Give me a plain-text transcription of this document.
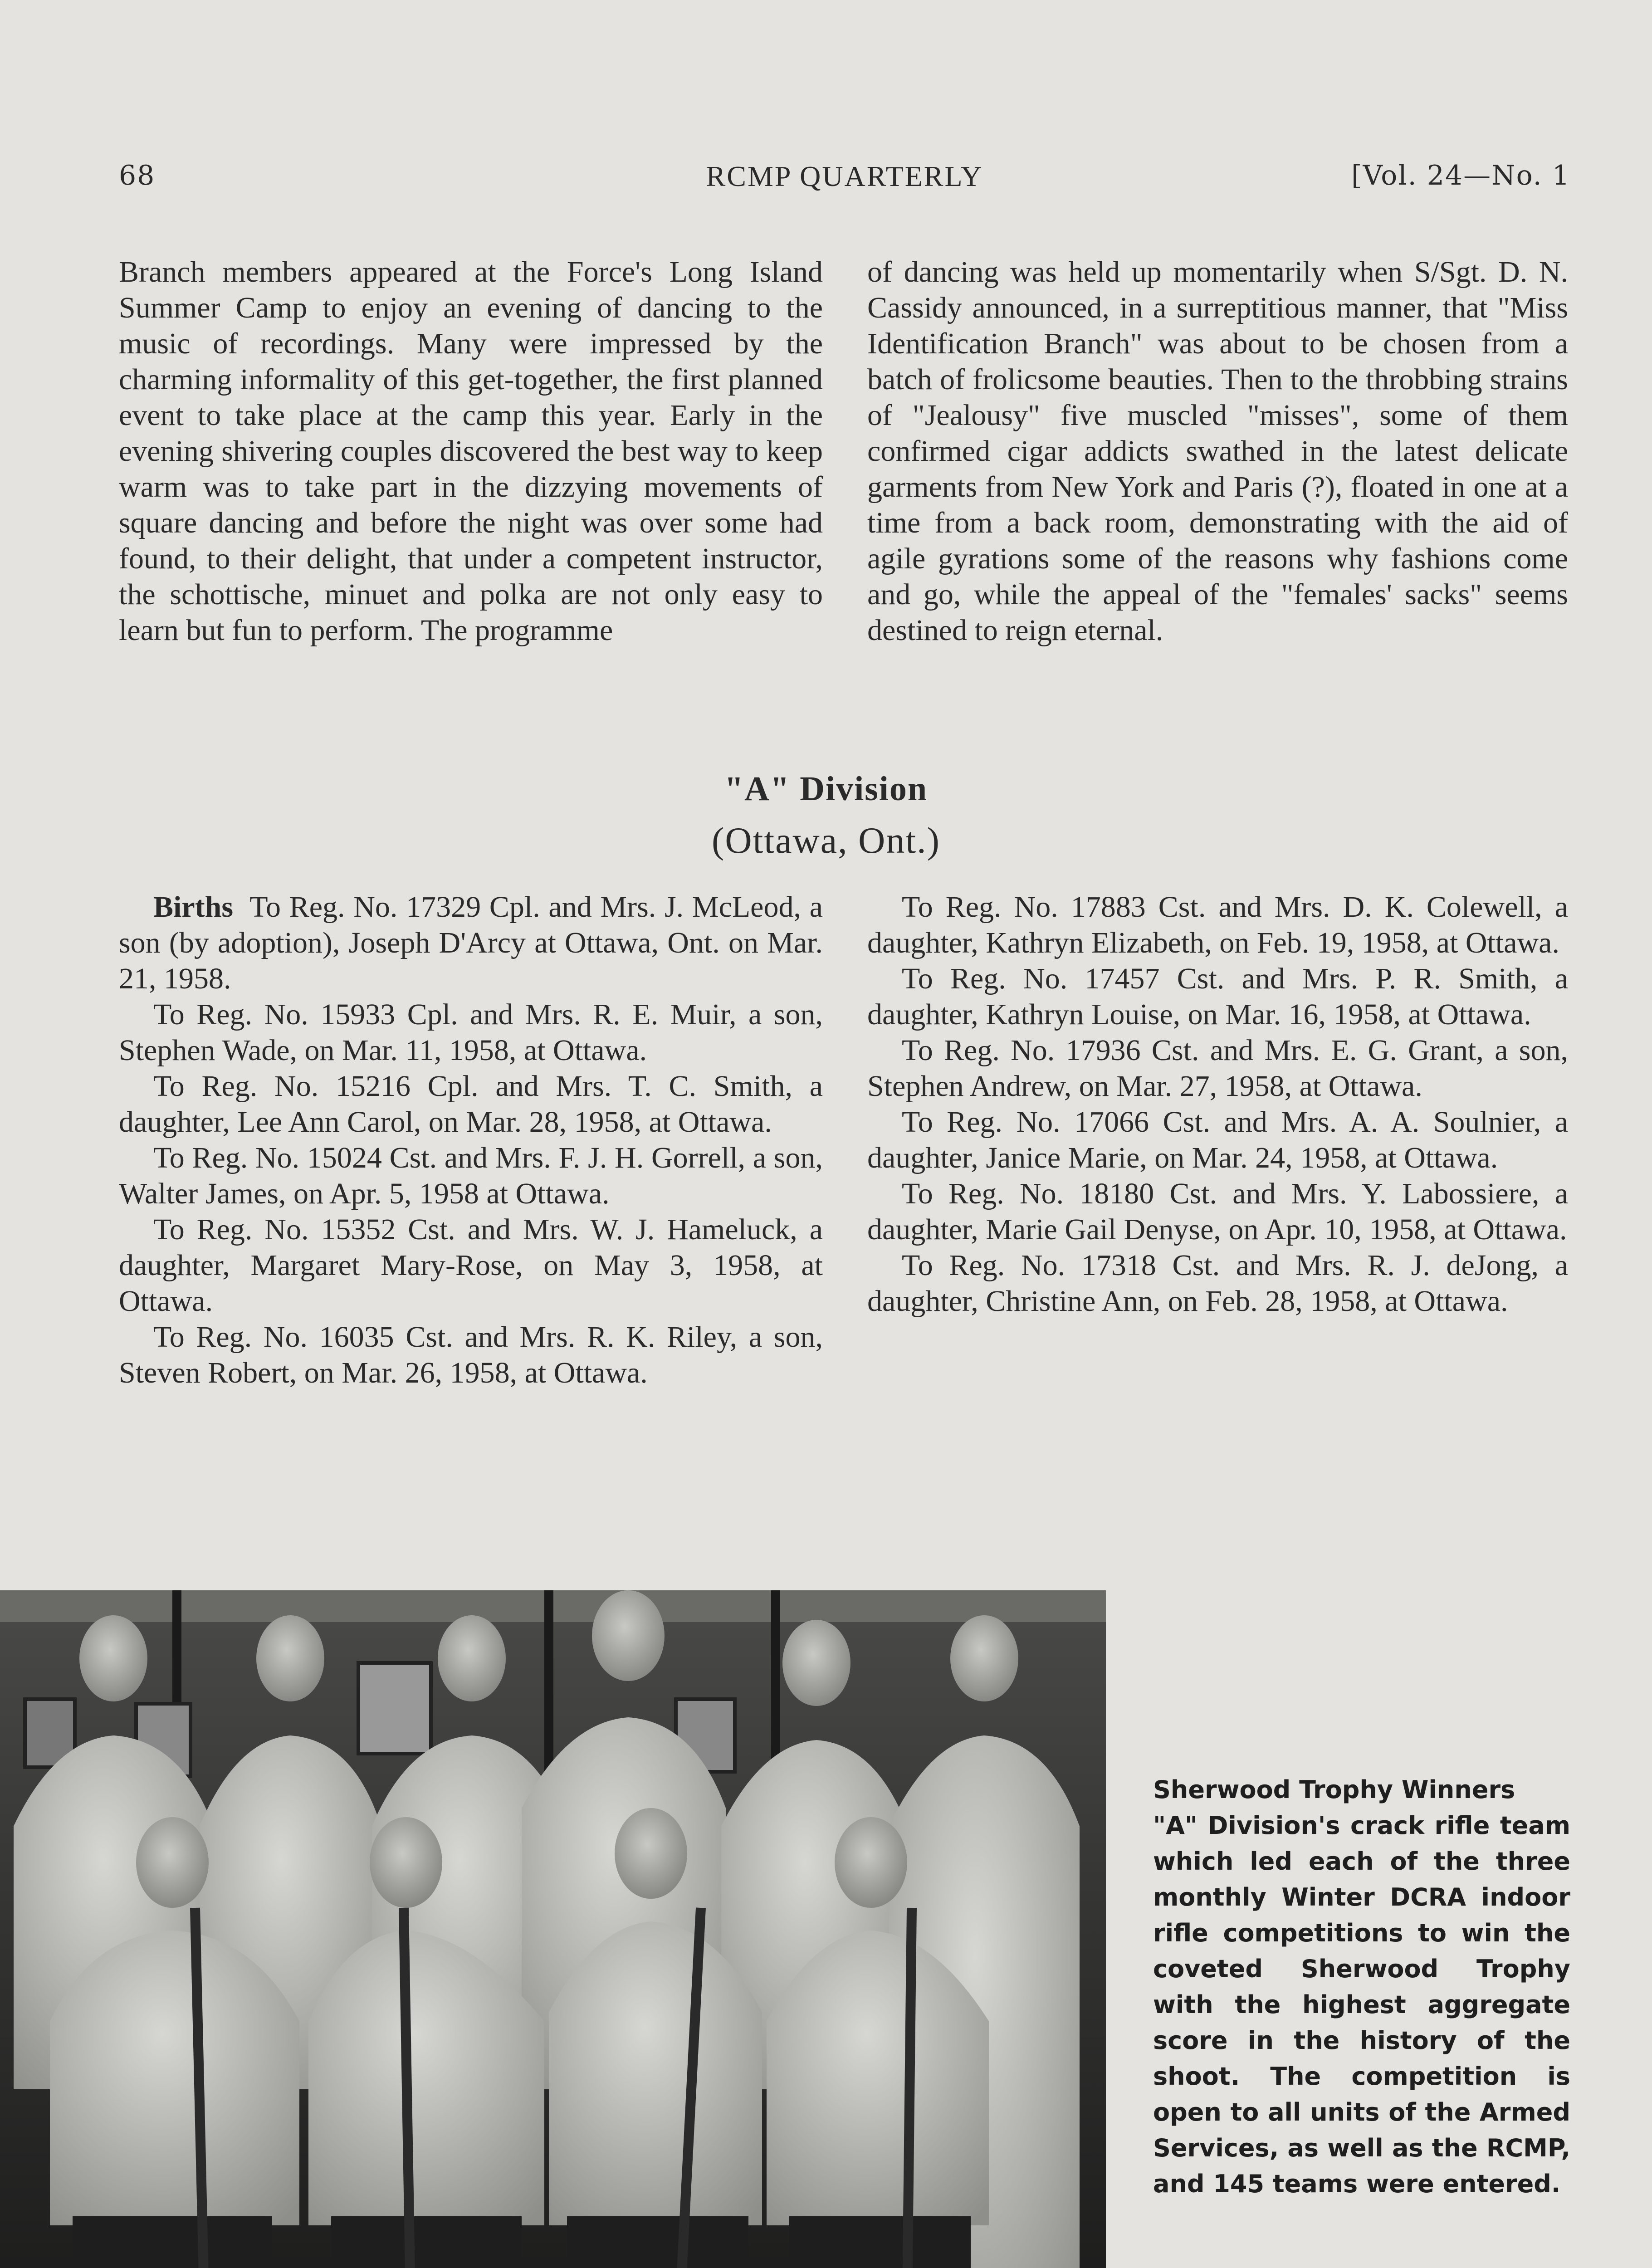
68	RCMP QUARTERLY	[Vol. 24—No. 1

Branch members appeared at the Force's Long Island Summer Camp to enjoy an evening of dancing to the music of recordings. Many were impressed by the charming informality of this get-together, the first planned event to take place at the camp this year. Early in the evening shivering couples discovered the best way to keep warm was to take part in the dizzying movements of square dancing and before the night was over some had found, to their delight, that under a competent instructor, the schottische, minuet and polka are not only easy to learn but fun to perform. The programme

of dancing was held up momentarily when S/Sgt. D. N. Cassidy announced, in a surreptitious manner, that "Miss Identification Branch" was about to be chosen from a batch of frolicsome beauties. Then to the throbbing strains of "Jealousy" five muscled "misses", some of them confirmed cigar addicts swathed in the latest delicate garments from New York and Paris (?), floated in one at a time from a back room, demonstrating with the aid of agile gyrations some of the reasons why fashions come and go, while the appeal of the "females' sacks" seems destined to reign eternal.

"A" Division
(Ottawa, Ont.)

Births To Reg. No. 17329 Cpl. and Mrs. J. McLeod, a son (by adoption), Joseph D'Arcy at Ottawa, Ont. on Mar. 21, 1958.

To Reg. No. 15933 Cpl. and Mrs. R. E. Muir, a son, Stephen Wade, on Mar. 11, 1958, at Ottawa.

To Reg. No. 15216 Cpl. and Mrs. T. C. Smith, a daughter, Lee Ann Carol, on Mar. 28, 1958, at Ottawa.

To Reg. No. 15024 Cst. and Mrs. F. J. H. Gorrell, a son, Walter James, on Apr. 5, 1958 at Ottawa.

To Reg. No. 15352 Cst. and Mrs. W. J. Hameluck, a daughter, Margaret Mary-Rose, on May 3, 1958, at Ottawa.

To Reg. No. 16035 Cst. and Mrs. R. K. Riley, a son, Steven Robert, on Mar. 26, 1958, at Ottawa.

To Reg. No. 17883 Cst. and Mrs. D. K. Colewell, a daughter, Kathryn Elizabeth, on Feb. 19, 1958, at Ottawa.

To Reg. No. 17457 Cst. and Mrs. P. R. Smith, a daughter, Kathryn Louise, on Mar. 16, 1958, at Ottawa.

To Reg. No. 17936 Cst. and Mrs. E. G. Grant, a son, Stephen Andrew, on Mar. 27, 1958, at Ottawa.

To Reg. No. 17066 Cst. and Mrs. A. A. Soulnier, a daughter, Janice Marie, on Mar. 24, 1958, at Ottawa.

To Reg. No. 18180 Cst. and Mrs. Y. Labossiere, a daughter, Marie Gail Denyse, on Apr. 10, 1958, at Ottawa.

To Reg. No. 17318 Cst. and Mrs. R. J. deJong, a daughter, Christine Ann, on Feb. 28, 1958, at Ottawa.

Sherwood Trophy Winners

"A" Division's crack rifle team which led each of the three monthly Winter DCRA indoor rifle competitions to win the coveted Sherwood Trophy with the highest aggregate score in the history of the shoot. The competition is open to all units of the Armed Services, as well as the RCMP, and 145 teams were entered.
